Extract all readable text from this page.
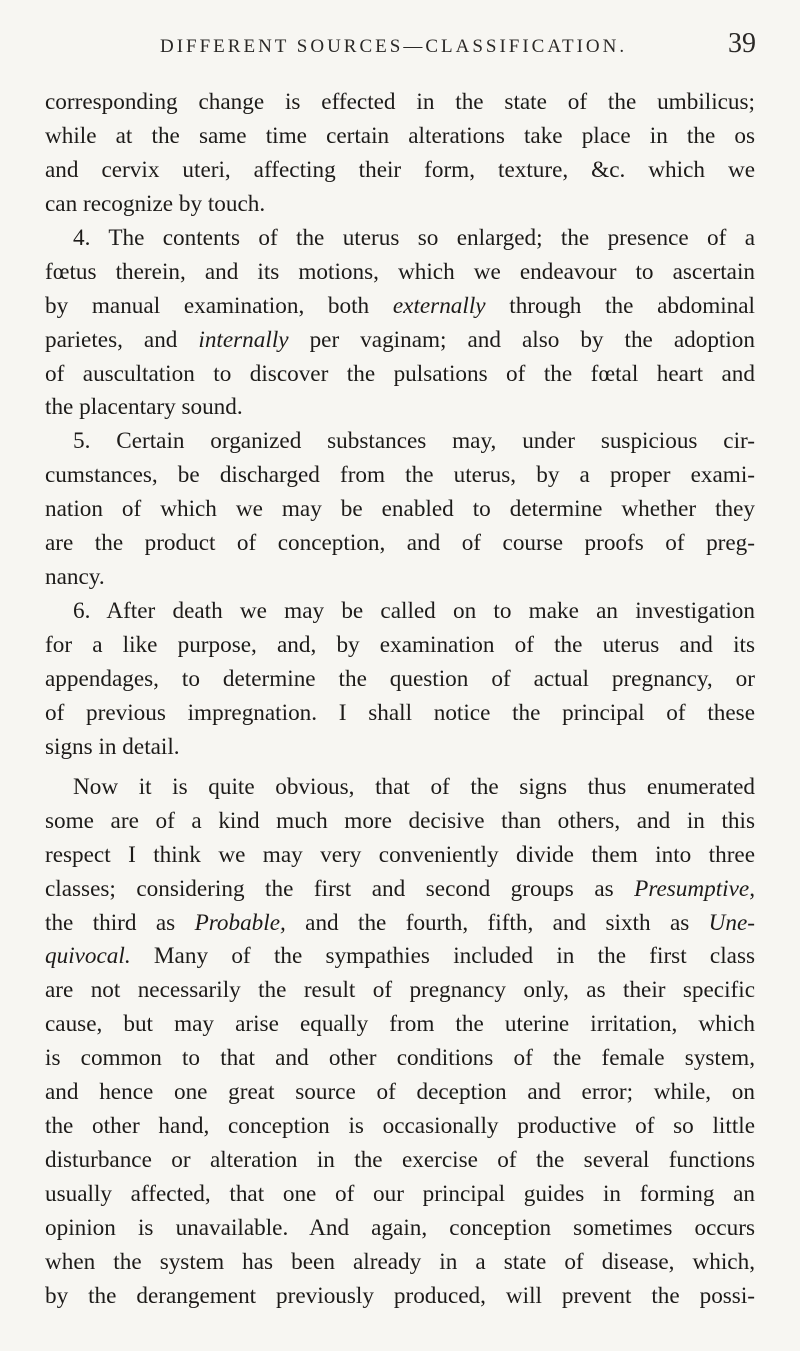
DIFFERENT SOURCES—CLASSIFICATION.	39
corresponding change is effected in the state of the umbilicus;
while at the same time certain alterations take place in the os
and cervix uteri, affecting their form, texture, &c. which we
can recognize by touch.
4. The contents of the uterus so enlarged; the presence of a
fœtus therein, and its motions, which we endeavour to ascertain
by manual examination, both externally through the abdominal
parietes, and internally per vaginam; and also by the adoption
of auscultation to discover the pulsations of the fœtal heart and
the placentary sound.
5. Certain organized substances may, under suspicious cir-
cumstances, be discharged from the uterus, by a proper exami-
nation of which we may be enabled to determine whether they
are the product of conception, and of course proofs of preg-
nancy.
6. After death we may be called on to make an investigation
for a like purpose, and, by examination of the uterus and its
appendages, to determine the question of actual pregnancy, or
of previous impregnation. I shall notice the principal of these
signs in detail.
Now it is quite obvious, that of the signs thus enumerated
some are of a kind much more decisive than others, and in this
respect I think we may very conveniently divide them into three
classes; considering the first and second groups as Presumptive,
the third as Probable, and the fourth, fifth, and sixth as Une-
quivocal. Many of the sympathies included in the first class
are not necessarily the result of pregnancy only, as their specific
cause, but may arise equally from the uterine irritation, which
is common to that and other conditions of the female system,
and hence one great source of deception and error; while, on
the other hand, conception is occasionally productive of so little
disturbance or alteration in the exercise of the several functions
usually affected, that one of our principal guides in forming an
opinion is unavailable. And again, conception sometimes occurs
when the system has been already in a state of disease, which,
by the derangement previously produced, will prevent the possi-
